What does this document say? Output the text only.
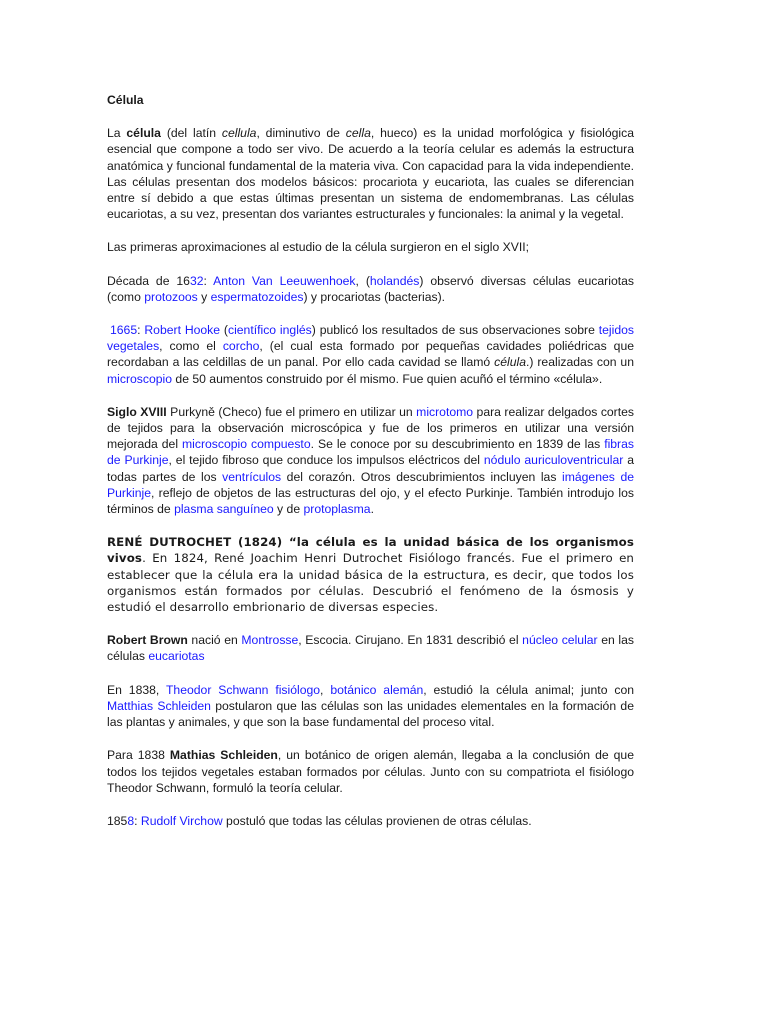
Célula

La célula (del latín cellula, diminutivo de cella, hueco) es la unidad morfológica y fisiológica esencial que compone a todo ser vivo. De acuerdo a la teoría celular es además la estructura anatómica y funcional fundamental de la materia viva. Con capacidad para la vida independiente. Las células presentan dos modelos básicos: procariota y eucariota, las cuales se diferencian entre sí debido a que estas últimas presentan un sistema de endomembranas. Las células eucariotas, a su vez, presentan dos variantes estructurales y funcionales: la animal y la vegetal.

Las primeras aproximaciones al estudio de la célula surgieron en el siglo XVII;

Década de 1632: Anton Van Leeuwenhoek, (holandés) observó diversas células eucariotas (como protozoos y espermatozoides) y procariotas (bacterias).

1665: Robert Hooke (científico inglés) publicó los resultados de sus observaciones sobre tejidos vegetales, como el corcho, (el cual esta formado por pequeñas cavidades poliédricas que recordaban a las celdillas de un panal. Por ello cada cavidad se llamó célula.) realizadas con un microscopio de 50 aumentos construido por él mismo. Fue quien acuñó el término «célula».

Siglo XVIII Purkyně (Checo) fue el primero en utilizar un microtomo para realizar delgados cortes de tejidos para la observación microscópica y fue de los primeros en utilizar una versión mejorada del microscopio compuesto. Se le conoce por su descubrimiento en 1839 de las fibras de Purkinje, el tejido fibroso que conduce los impulsos eléctricos del nódulo auriculoventricular a todas partes de los ventrículos del corazón. Otros descubrimientos incluyen las imágenes de Purkinje, reflejo de objetos de las estructuras del ojo, y el efecto Purkinje. También introdujo los términos de plasma sanguíneo y de protoplasma.

RENÉ DUTROCHET (1824) “la célula es la unidad básica de los organismos vivos. En 1824, René Joachim Henri Dutrochet Fisiólogo francés. Fue el primero en establecer que la célula era la unidad básica de la estructura, es decir, que todos los organismos están formados por células. Descubrió el fenómeno de la ósmosis y estudió el desarrollo embrionario de diversas especies.

Robert Brown nació en Montrosse, Escocia. Cirujano. En 1831 describió el núcleo celular en las células eucariotas

En 1838, Theodor Schwann fisiólogo, botánico alemán, estudió la célula animal; junto con Matthias Schleiden postularon que las células son las unidades elementales en la formación de las plantas y animales, y que son la base fundamental del proceso vital.

Para 1838 Mathias Schleiden, un botánico de origen alemán, llegaba a la conclusión de que todos los tejidos vegetales estaban formados por células. Junto con su compatriota el fisiólogo Theodor Schwann, formuló la teoría celular.

1858: Rudolf Virchow postuló que todas las células provienen de otras células.
